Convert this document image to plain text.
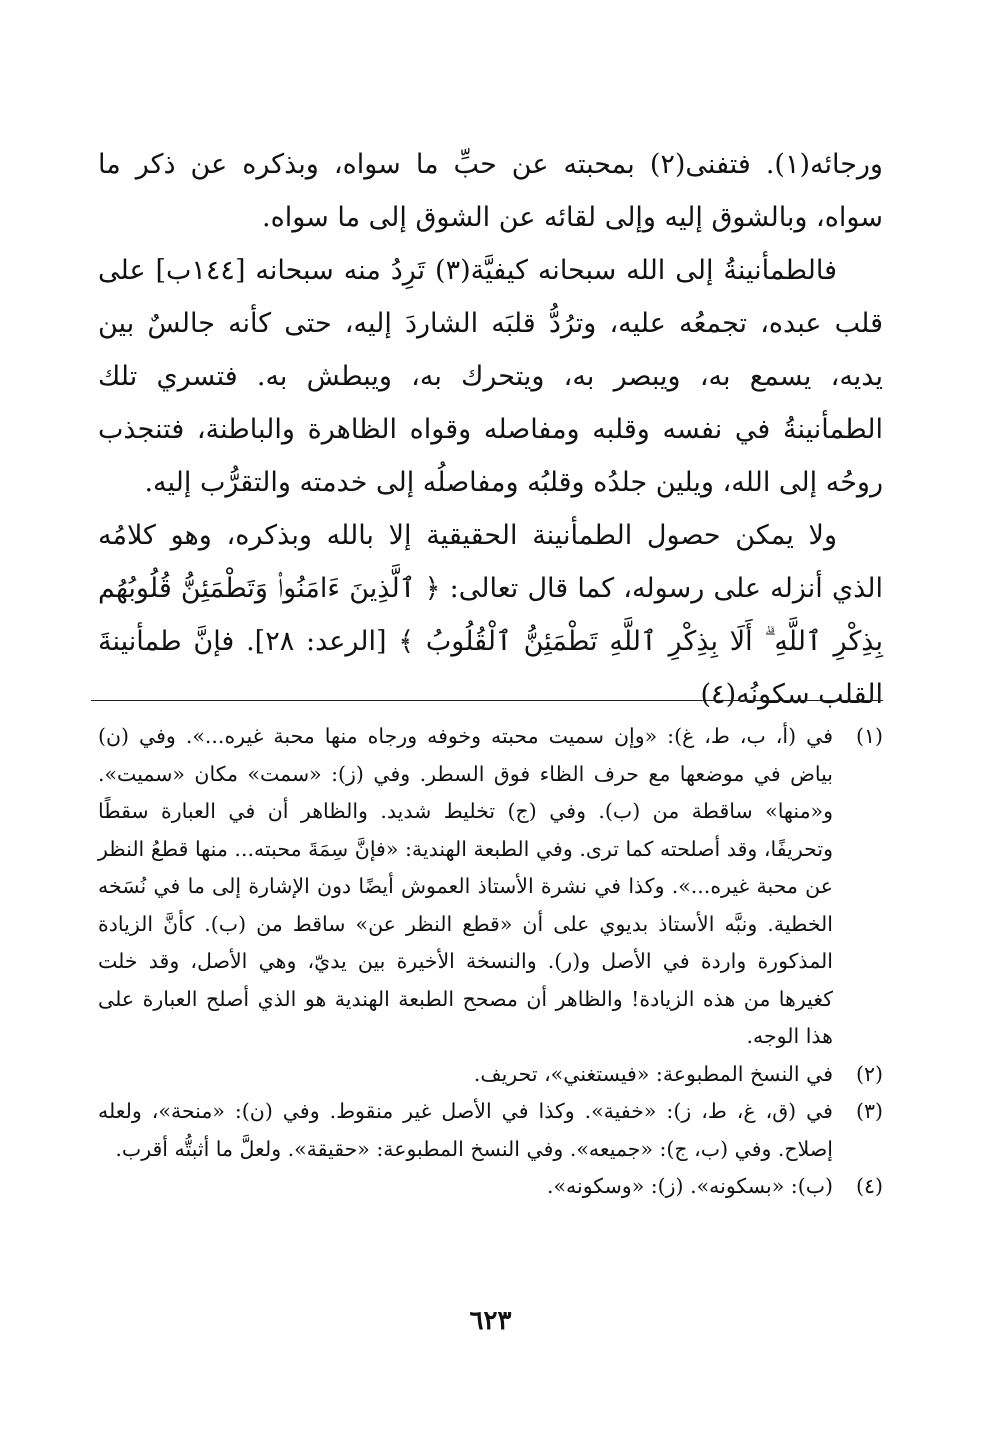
ورجائه(١). فتفنى(٢) بمحبته عن حبِّ ما سواه، وبذكره عن ذكر ما سواه، وبالشوق إليه وإلى لقائه عن الشوق إلى ما سواه.

فالطمأنينةُ إلى الله سبحانه كيفيَّة(٣) تَرِدُ منه سبحانه [١٤٤ب] على قلب عبده، تجمعُه عليه، وترُدُّ قلبَه الشاردَ إليه، حتى كأنه جالسٌ بين يديه، يسمع به، ويبصر به، ويتحرك به، ويبطش به. فتسري تلك الطمأنينةُ في نفسه وقلبه ومفاصله وقواه الظاهرة والباطنة، فتنجذب روحُه إلى الله، ويلين جلدُه وقلبُه ومفاصلُه إلى خدمته والتقرُّب إليه.

ولا يمكن حصول الطمأنينة الحقيقية إلا بالله وبذكره، وهو كلامُه الذي أنزله على رسوله، كما قال تعالى: ﴿ ٱلَّذِينَ ءَامَنُوا۟ وَتَطْمَئِنُّ قُلُوبُهُم بِذِكْرِ ٱللَّهِ ۗ أَلَا بِذِكْرِ ٱللَّهِ تَطْمَئِنُّ ٱلْقُلُوبُ ﴾ [الرعد: ٢٨]. فإنَّ طمأنينةَ القلب سكونُه(٤)

(١)
في (أ، ب، ط، غ): «وإن سميت محبته وخوفه ورجاه منها محبة غيره...». وفي (ن) بياض في موضعها مع حرف الظاء فوق السطر. وفي (ز): «سمت» مكان «سميت». و«منها» ساقطة من (ب). وفي (ج) تخليط شديد. والظاهر أن في العبارة سقطًا وتحريفًا، وقد أصلحته كما ترى. وفي الطبعة الهندية: «فإنَّ سِمَةَ محبته... منها قطعُ النظر عن محبة غيره...». وكذا في نشرة الأستاذ العموش أيضًا دون الإشارة إلى ما في نُسَخه الخطية. ونبَّه الأستاذ بديوي على أن «قطع النظر عن» ساقط من (ب). كأنَّ الزيادة المذكورة واردة في الأصل و(ر). والنسخة الأخيرة بين يديّ، وهي الأصل، وقد خلت كغيرها من هذه الزيادة! والظاهر أن مصحح الطبعة الهندية هو الذي أصلح العبارة على هذا الوجه.
(٢)
في النسخ المطبوعة: «فيستغني»، تحريف.
(٣)
في (ق، غ، ط، ز): «خفية». وكذا في الأصل غير منقوط. وفي (ن): «منحة»، ولعله إصلاح. وفي (ب، ج): «جميعه». وفي النسخ المطبوعة: «حقيقة». ولعلَّ ما أثبتُّه أقرب.
(٤)
(ب): «بسكونه». (ز): «وسكونه».
٦٢٣
